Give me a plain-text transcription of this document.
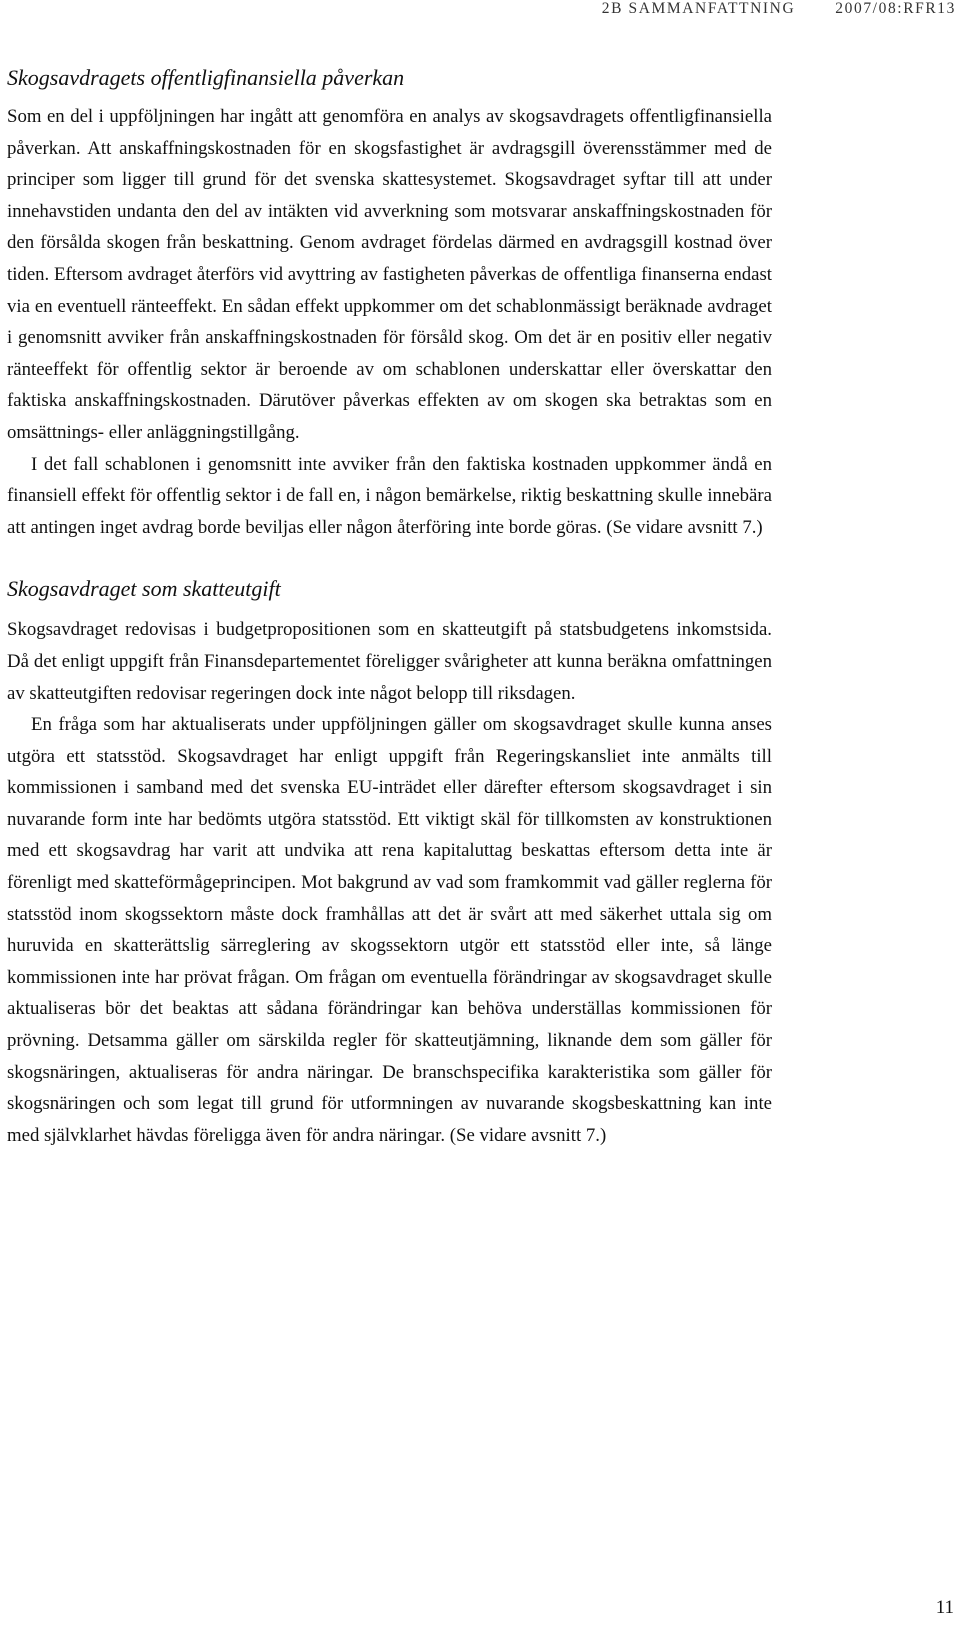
2B SAMMANFATTNING	2007/08:RFR13
Skogsavdragets offentligfinansiella påverkan

Som en del i uppföljningen har ingått att genomföra en analys av skogsavdragets offentligfinansiella påverkan. Att anskaffningskostnaden för en skogsfastighet är avdragsgill överensstämmer med de principer som ligger till grund för det svenska skattesystemet. Skogsavdraget syftar till att under innehavstiden undanta den del av intäkten vid avverkning som motsvarar anskaffningskostnaden för den försålda skogen från beskattning. Genom avdraget fördelas därmed en avdragsgill kostnad över tiden. Eftersom avdraget återförs vid avyttring av fastigheten påverkas de offentliga finanserna endast via en eventuell ränteeffekt. En sådan effekt uppkommer om det schablonmässigt beräknade avdraget i genomsnitt avviker från anskaffningskostnaden för försåld skog. Om det är en positiv eller negativ ränteeffekt för offentlig sektor är beroende av om schablonen underskattar eller överskattar den faktiska anskaffningskostnaden. Därutöver påverkas effekten av om skogen ska betraktas som en omsättnings- eller anläggningstillgång.

I det fall schablonen i genomsnitt inte avviker från den faktiska kostnaden uppkommer ändå en finansiell effekt för offentlig sektor i de fall en, i någon bemärkelse, riktig beskattning skulle innebära att antingen inget avdrag borde beviljas eller någon återföring inte borde göras. (Se vidare avsnitt 7.)

Skogsavdraget som skatteutgift

Skogsavdraget redovisas i budgetpropositionen som en skatteutgift på statsbudgetens inkomstsida. Då det enligt uppgift från Finansdepartementet föreligger svårigheter att kunna beräkna omfattningen av skatteutgiften redovisar regeringen dock inte något belopp till riksdagen.

En fråga som har aktualiserats under uppföljningen gäller om skogsavdraget skulle kunna anses utgöra ett statsstöd. Skogsavdraget har enligt uppgift från Regeringskansliet inte anmälts till kommissionen i samband med det svenska EU-inträdet eller därefter eftersom skogsavdraget i sin nuvarande form inte har bedömts utgöra statsstöd. Ett viktigt skäl för tillkomsten av konstruktionen med ett skogsavdrag har varit att undvika att rena kapitaluttag beskattas eftersom detta inte är förenligt med skatteförmågeprincipen. Mot bakgrund av vad som framkommit vad gäller reglerna för statsstöd inom skogssektorn måste dock framhållas att det är svårt att med säkerhet uttala sig om huruvida en skatterättslig särreglering av skogssektorn utgör ett statsstöd eller inte, så länge kommissionen inte har prövat frågan. Om frågan om eventuella förändringar av skogsavdraget skulle aktualiseras bör det beaktas att sådana förändringar kan behöva underställas kommissionen för prövning. Detsamma gäller om särskilda regler för skatteutjämning, liknande dem som gäller för skogsnäringen, aktualiseras för andra näringar. De branschspecifika karakteristika som gäller för skogsnäringen och som legat till grund för utformningen av nuvarande skogsbeskattning kan inte med självklarhet hävdas föreligga även för andra näringar. (Se vidare avsnitt 7.)

11
